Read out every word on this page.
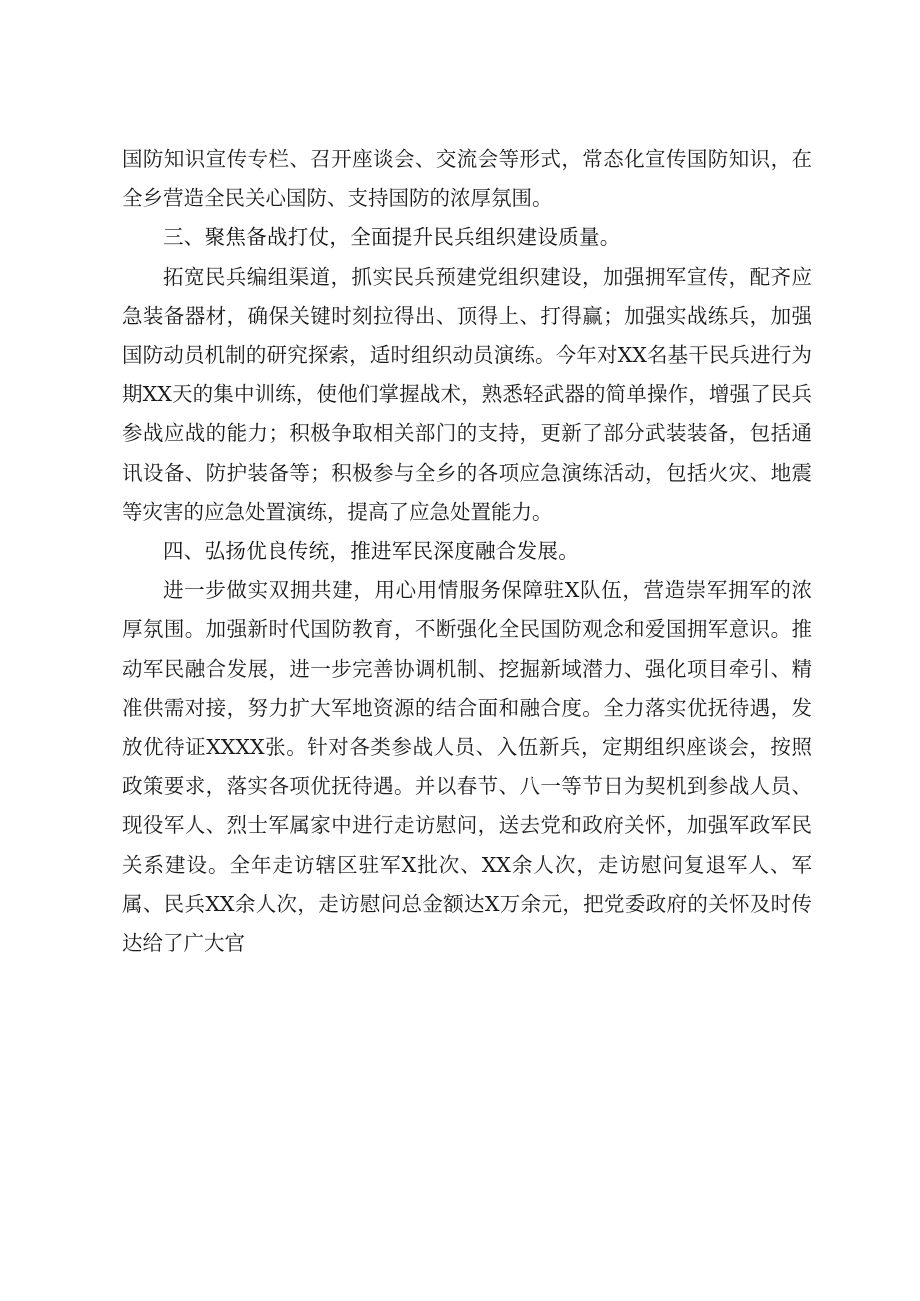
国防知识宣传专栏、召开座谈会、交流会等形式，常态化宣传国防知识，在全乡营造全民关心国防、支持国防的浓厚氛围。

三、聚焦备战打仗，全面提升民兵组织建设质量。

拓宽民兵编组渠道，抓实民兵预建党组织建设，加强拥军宣传，配齐应急装备器材，确保关键时刻拉得出、顶得上、打得赢；加强实战练兵，加强国防动员机制的研究探索，适时组织动员演练。今年对XX名基干民兵进行为期XX天的集中训练，使他们掌握战术，熟悉轻武器的简单操作，增强了民兵参战应战的能力；积极争取相关部门的支持，更新了部分武装装备，包括通讯设备、防护装备等；积极参与全乡的各项应急演练活动，包括火灾、地震等灾害的应急处置演练，提高了应急处置能力。

四、弘扬优良传统，推进军民深度融合发展。

进一步做实双拥共建，用心用情服务保障驻X队伍，营造崇军拥军的浓厚氛围。加强新时代国防教育，不断强化全民国防观念和爱国拥军意识。推动军民融合发展，进一步完善协调机制、挖掘新域潜力、强化项目牵引、精准供需对接，努力扩大军地资源的结合面和融合度。全力落实优抚待遇，发放优待证XXXX张。针对各类参战人员、入伍新兵，定期组织座谈会，按照政策要求，落实各项优抚待遇。并以春节、八一等节日为契机到参战人员、现役军人、烈士军属家中进行走访慰问，送去党和政府关怀，加强军政军民关系建设。全年走访辖区驻军X批次、XX余人次，走访慰问复退军人、军属、民兵XX余人次，走访慰问总金额达X万余元，把党委政府的关怀及时传达给了广大官
